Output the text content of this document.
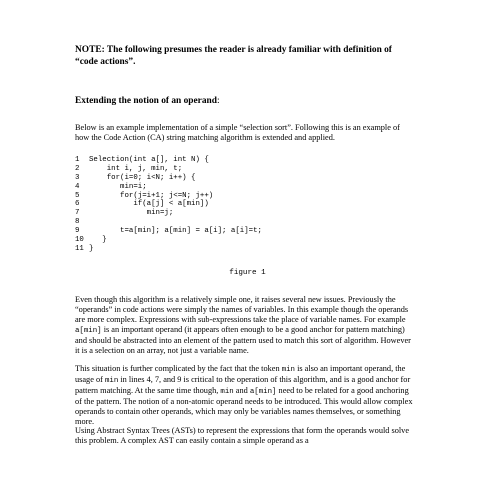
NOTE: The following presumes the reader is already familiar with definition of “code actions”.

Extending the notion of an operand:

Below is an example implementation of a simple “selection sort”. Following this is an example of how the Code Action (CA) string matching algorithm is extended and applied.

1 Selection(int a[], int N) {
2    int i, j, min, t;
3    for(i=0; i<N; i++) {
4       min=i;
5       for(j=i+1; j<=N; j++)
6          if(a[j] < a[min])
7             min=j;
8
9       t=a[min]; a[min] = a[i]; a[i]=t;
10   }
11 }

figure 1

Even though this algorithm is a relatively simple one, it raises several new issues. Previously the “operands” in code actions were simply the names of variables. In this example though the operands are more complex. Expressions with sub-expressions take the place of variable names. For example a[min] is an important operand (it appears often enough to be a good anchor for pattern matching) and should be abstracted into an element of the pattern used to match this sort of algorithm. However it is a selection on an array, not just a variable name.

This situation is further complicated by the fact that the token min is also an important operand, the usage of min in lines 4, 7, and 9 is critical to the operation of this algorithm, and is a good anchor for pattern matching. At the same time though, min and a[min] need to be related for a good anchoring of the pattern. The notion of a non-atomic operand needs to be introduced. This would allow complex operands to contain other operands, which may only be variables names themselves, or something more.

Using Abstract Syntax Trees (ASTs) to represent the expressions that form the operands would solve this problem. A complex AST can easily contain a simple operand as a
